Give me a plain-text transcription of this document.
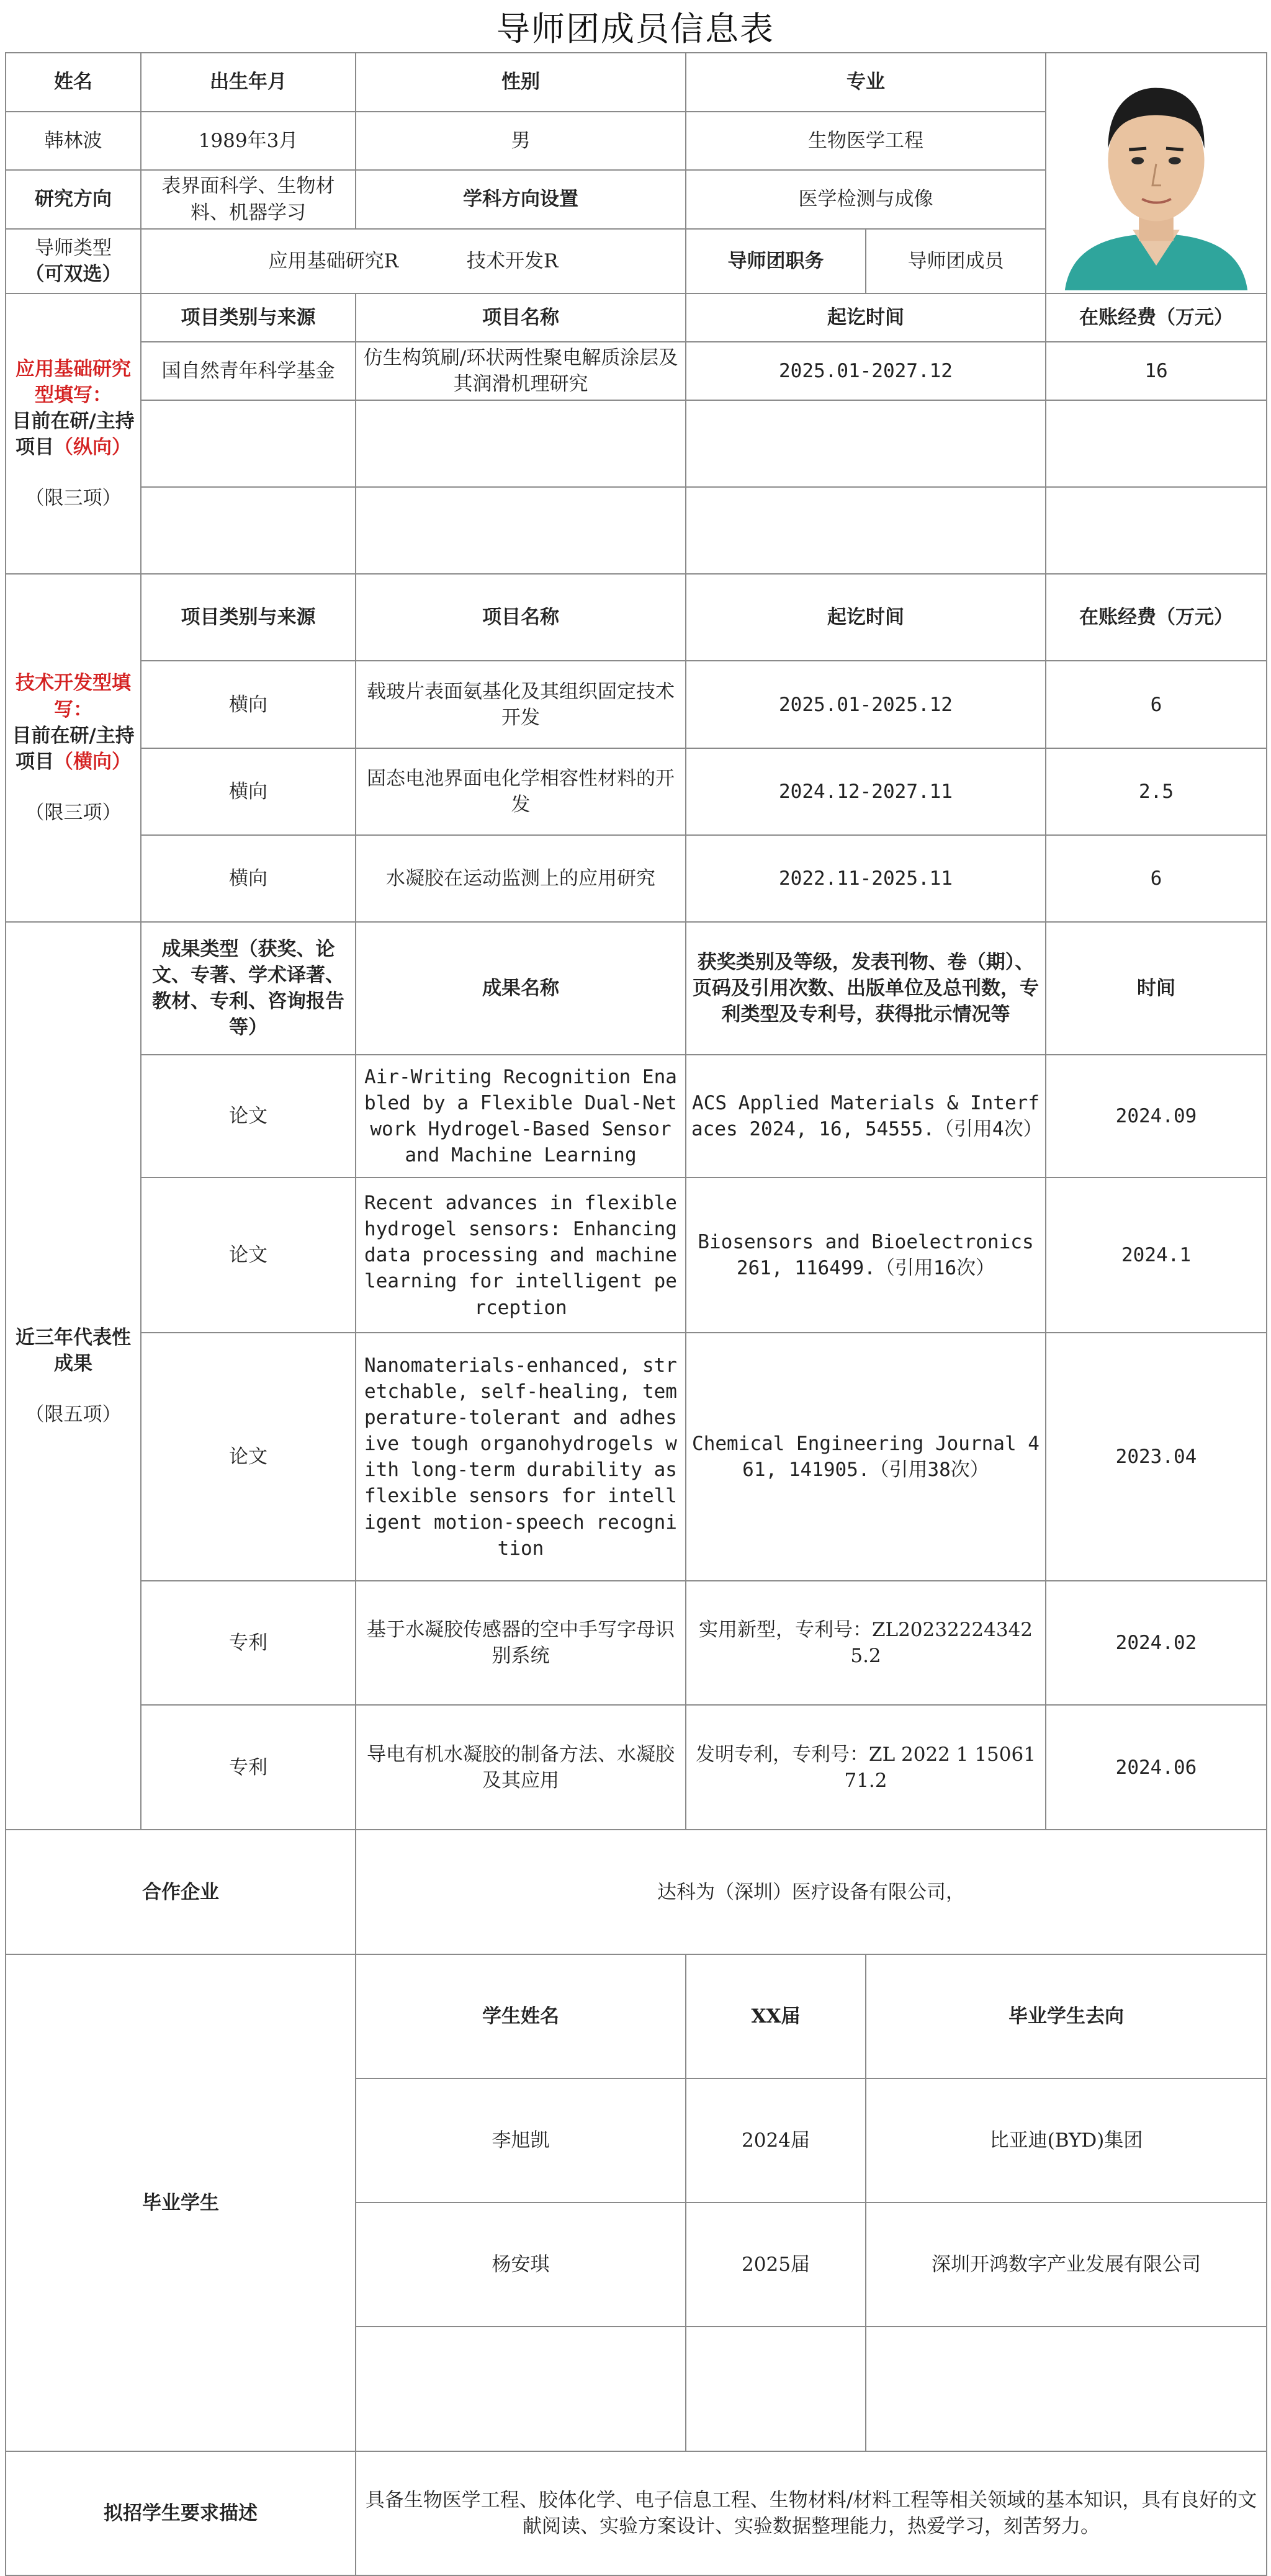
导师团成员信息表
姓名	出生年月	性别	专业	

韩林波	1989年3月	男	生物医学工程		
研究方向	表界面科学、生物材料、机器学习	学科方向设置	医学检测与成像		

导师类型
（可双选）	应用基础研究R 技术开发R		导师团职务	导师团成员	

应用基础研究型填写：
目前在研/主持项目（纵向）
（限三项）	项目类别与来源	项目名称	起讫时间		在账经费（万元）
	国自然青年科学基金	仿生构筑刷/环状两性聚电解质涂层及其润滑机理研究	2025.01-2027.12		16

技术开发型填写：
目前在研/主持项目（横向）
（限三项）	项目类别与来源	项目名称	起讫时间		在账经费（万元）
	横向	载玻片表面氨基化及其组织固定技术开发	2025.01-2025.12		6
	横向	固态电池界面电化学相容性材料的开发	2024.12-2027.11		2.5
	横向	水凝胶在运动监测上的应用研究	2022.11-2025.11		6

近三年代表性成果
（限五项）	成果类型（获奖、论文、专著、学术译著、教材、专利、咨询报告等）	成果名称	获奖类别及等级，发表刊物、卷（期）、页码及引用次数、出版单位及总刊数，专利类型及专利号，获得批示情况等		时间
	论文	Air-Writing Recognition Enabled by a Flexible Dual-Network Hydrogel-Based Sensor and Machine Learning	ACS Applied Materials & Interfaces 2024, 16, 54555.（引用4次）		2024.09
	论文	Recent advances in flexible hydrogel sensors: Enhancing data processing and machine learning for intelligent perception	Biosensors and Bioelectronics 261, 116499.（引用16次）		2024.1
	论文	Nanomaterials-enhanced, stretchable, self-healing, temperature-tolerant and adhesive tough organohydrogels with long-term durability as flexible sensors for intelligent motion-speech recognition	Chemical Engineering Journal 461, 141905.（引用38次）		2023.04
	专利	基于水凝胶传感器的空中手写字母识别系统	实用新型，专利号：ZL202322243425.2		2024.02
	专利	导电有机水凝胶的制备方法、水凝胶及其应用	发明专利，专利号：ZL 2022 1 1506171.2		2024.06
合作企业		达科为（深圳）医疗设备有限公司，			
毕业学生		学生姓名	XX届	毕业学生去向	
		李旭凯	2024届	比亚迪(BYD)集团	
		杨安琪	2025届	深圳开鸿数字产业发展有限公司	

拟招学生要求描述		具备生物医学工程、胶体化学、电子信息工程、生物材料/材料工程等相关领域的基本知识，具有良好的文献阅读、实验方案设计、实验数据整理能力，热爱学习，刻苦努力。			
